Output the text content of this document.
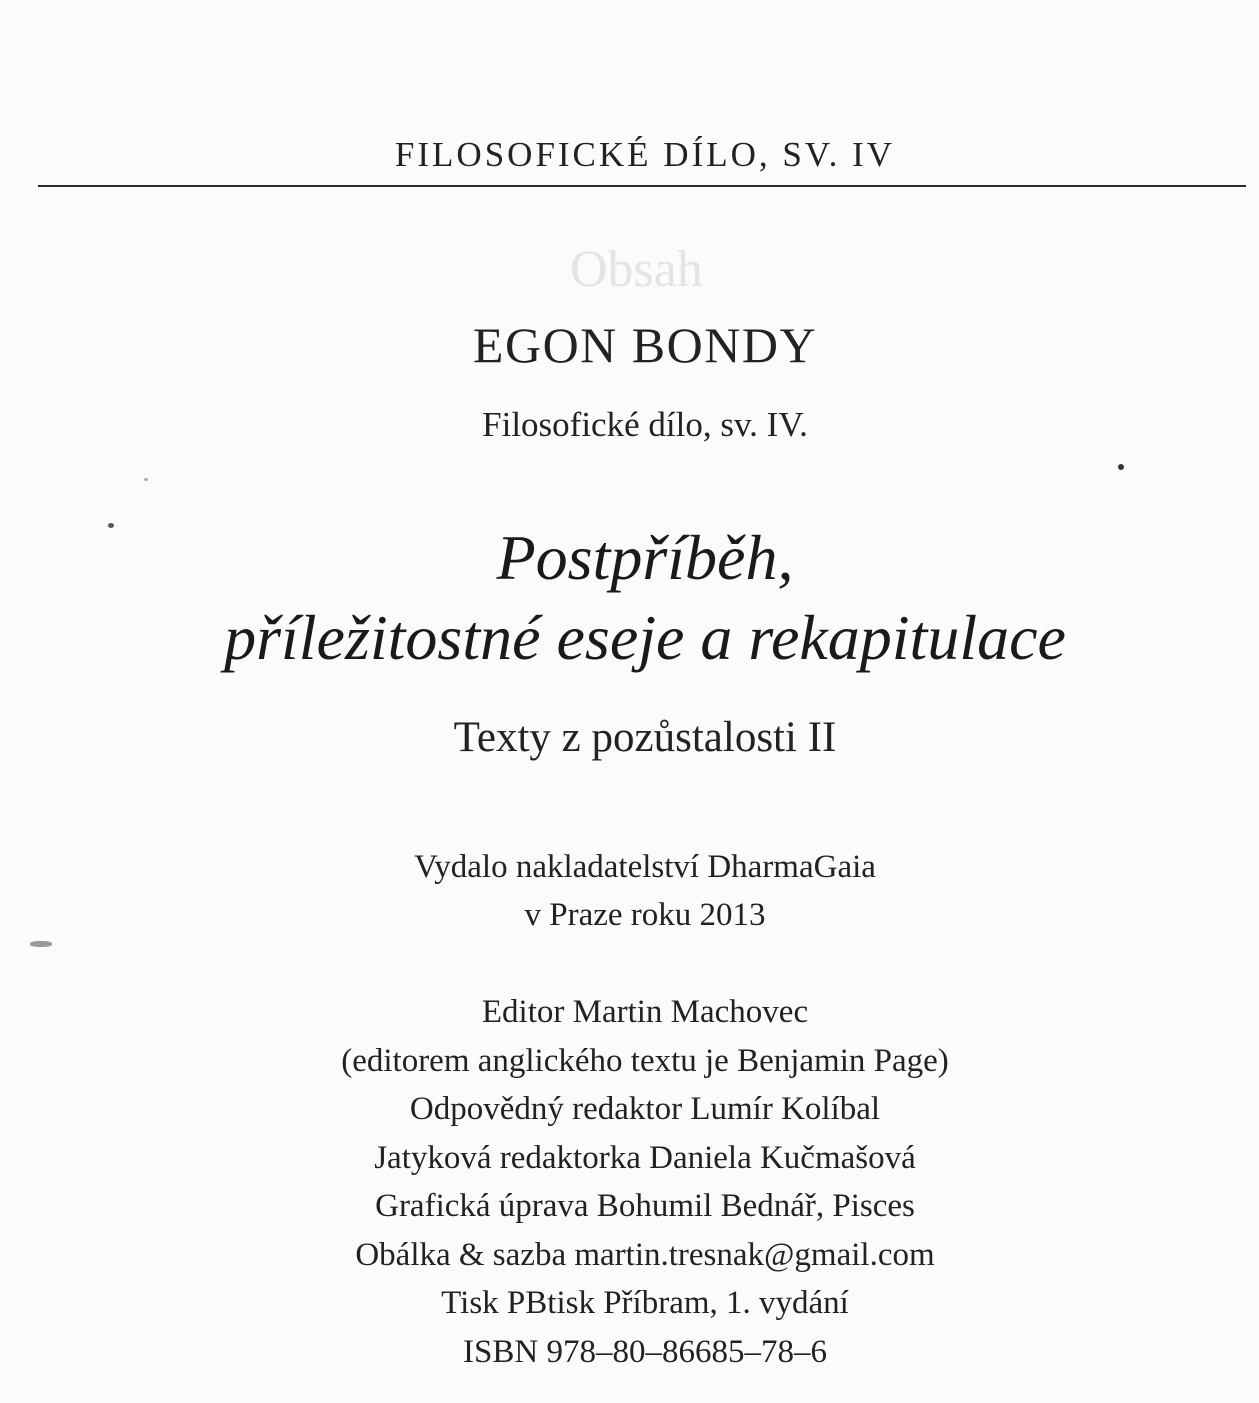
Obsah
FILOSOFICKÉ DÍLO, SV. IV
EGON BONDY
Filosofické dílo, sv. IV.
Postpříběh,
příležitostné eseje a rekapitulace
Texty z pozůstalosti II
Vydalo nakladatelství DharmaGaia
v Praze roku 2013
Editor Martin Machovec
(editorem anglického textu je Benjamin Page)
Odpovědný redaktor Lumír Kolíbal
Jatyková redaktorka Daniela Kučmašová
Grafická úprava Bohumil Bednář, Pisces
Obálka & sazba martin.tresnak@gmail.com
Tisk PBtisk Příbram, 1. vydání
ISBN 978–80–86685–78–6
